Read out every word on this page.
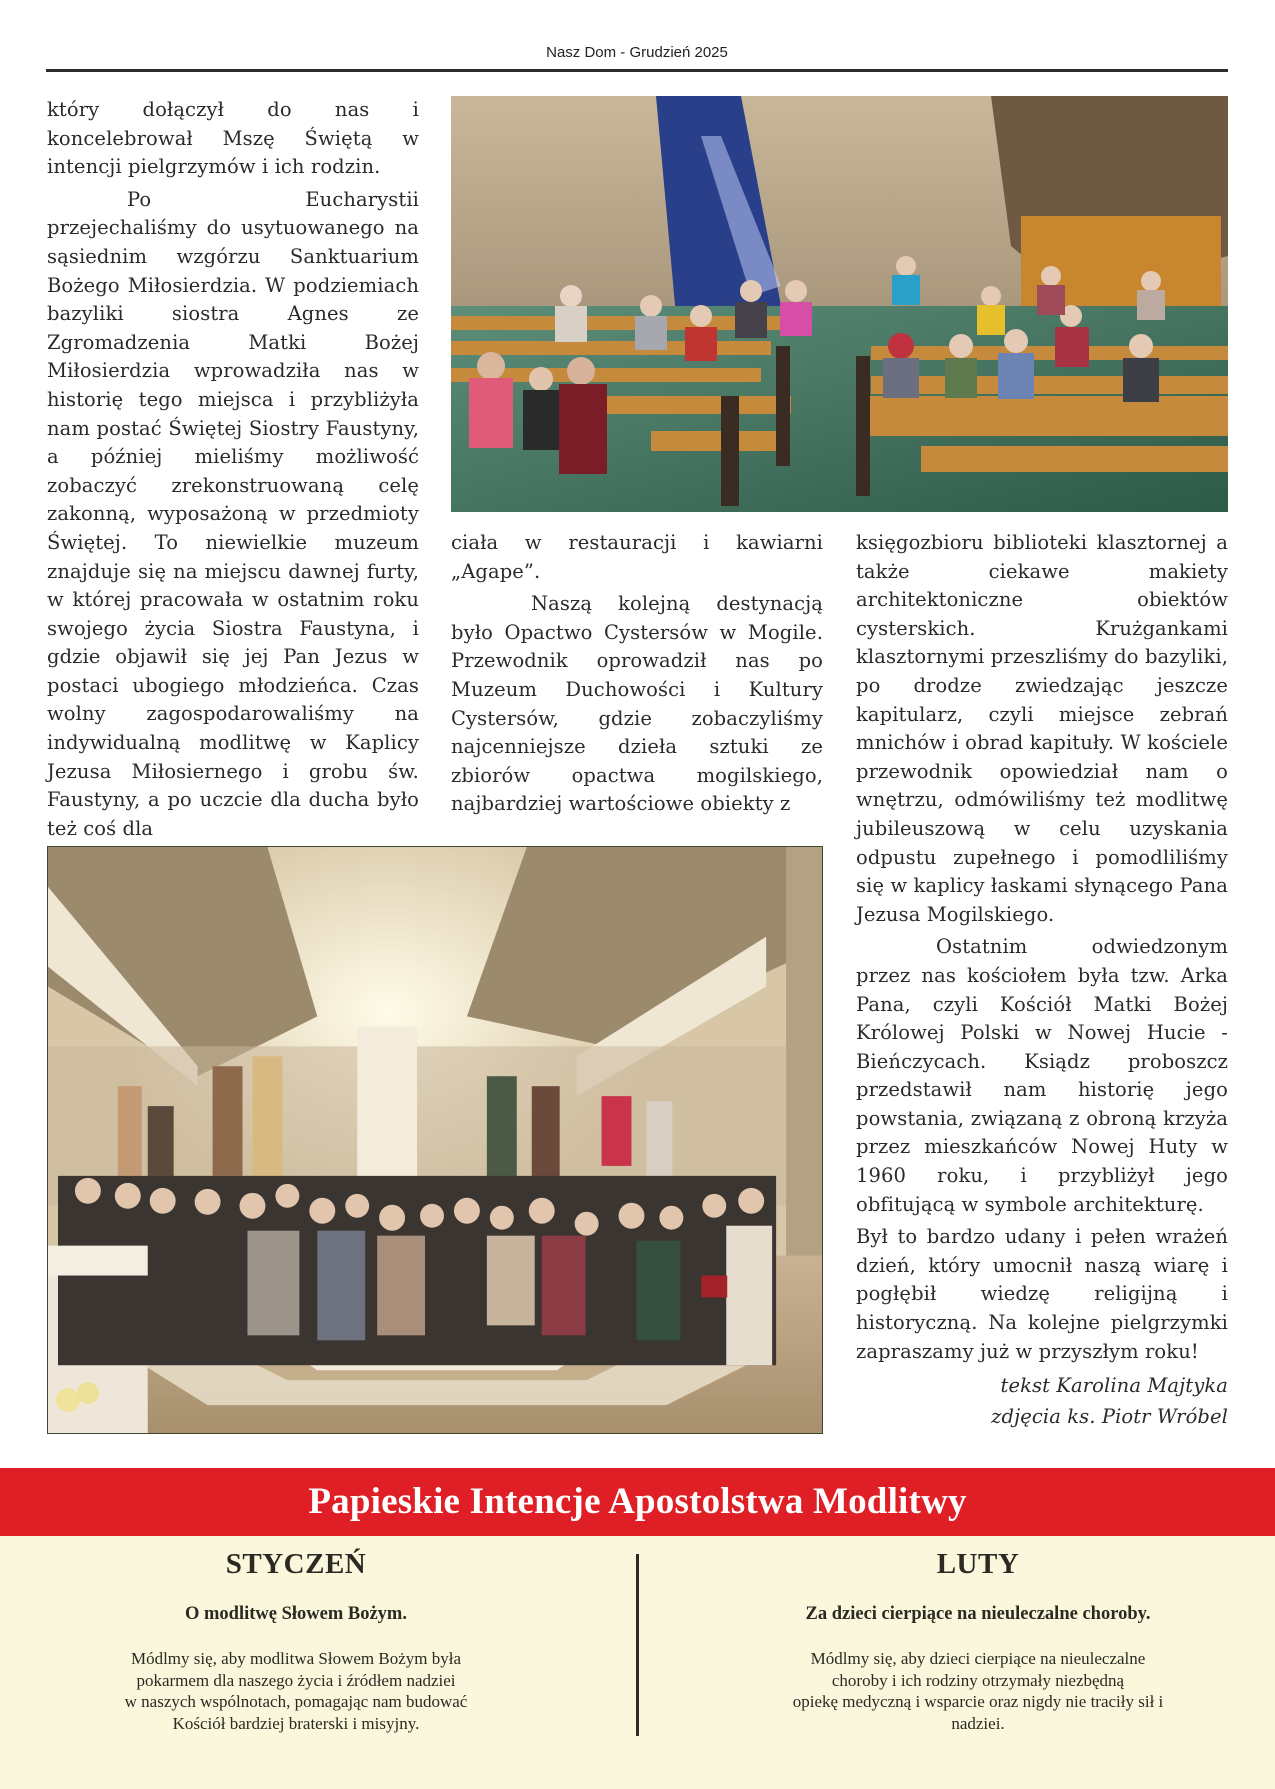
Nasz Dom - Grudzień 2025

który dołączył do nas i koncelebrował Mszę Świętą w intencji pielgrzymów i ich rodzin.

Po Eucharystii przejechaliśmy do usytuowanego na sąsiednim wzgórzu Sanktuarium Bożego Miłosierdzia. W podziemiach bazyliki siostra Agnes ze Zgromadzenia Matki Bożej Miłosierdzia wprowadziła nas w historię tego miejsca i przybliżyła nam postać Świętej Siostry Faustyny, a później mieliśmy możliwość zobaczyć zrekonstruowaną celę zakonną, wyposażoną w przedmioty Świętej. To niewielkie muzeum znajduje się na miejscu dawnej furty, w której pracowała w ostatnim roku swojego życia Siostra Faustyna, i gdzie objawił się jej Pan Jezus w postaci ubogiego młodzieńca. Czas wolny zagospodarowaliśmy na indywidualną modlitwę w Kaplicy Jezusa Miłosiernego i grobu św. Faustyny, a po uczcie dla ducha było też coś dla

ciała w restauracji i kawiarni „Agape”.

Naszą kolejną destynacją było Opactwo Cystersów w Mogile. Przewodnik oprowadził nas po Muzeum Duchowości i Kultury Cystersów, gdzie zobaczyliśmy najcenniejsze dzieła sztuki ze zbiorów opactwa mogilskiego, najbardziej wartościowe obiekty z

księgozbioru biblioteki klasztornej a także ciekawe makiety architektoniczne obiektów cysterskich. Krużgankami klasztornymi przeszliśmy do bazyliki, po drodze zwiedzając jeszcze kapitularz, czyli miejsce zebrań mnichów i obrad kapituły. W kościele przewodnik opowiedział nam o wnętrzu, odmówiliśmy też modlitwę jubileuszową w celu uzyskania odpustu zupełnego i pomodliliśmy się w kaplicy łaskami słynącego Pana Jezusa Mogilskiego.

Ostatnim odwiedzonym przez nas kościołem była tzw. Arka Pana, czyli Kościół Matki Bożej Królowej Polski w Nowej Hucie - Bieńczycach. Ksiądz proboszcz przedstawił nam historię jego powstania, związaną z obroną krzyża przez mieszkańców Nowej Huty w 1960 roku, i przybliżył jego obfitującą w symbole architekturę.

Był to bardzo udany i pełen wrażeń dzień, który umocnił naszą wiarę i pogłębił wiedzę religijną i historyczną. Na kolejne pielgrzymki zapraszamy już w przyszłym roku!

tekst Karolina Majtyka
zdjęcia ks. Piotr Wróbel
Papieskie Intencje Apostolstwa Modlitwy
STYCZEŃ
O modlitwę Słowem Bożym.
Módlmy się, aby modlitwa Słowem Bożym była
pokarmem dla naszego życia i źródłem nadziei
w naszych wspólnotach, pomagając nam budować
Kościół bardziej braterski i misyjny.
LUTY
Za dzieci cierpiące na nieuleczalne choroby.
Módlmy się, aby dzieci cierpiące na nieuleczalne
choroby i ich rodziny otrzymały niezbędną
opiekę medyczną i wsparcie oraz nigdy nie traciły sił i
nadziei.
